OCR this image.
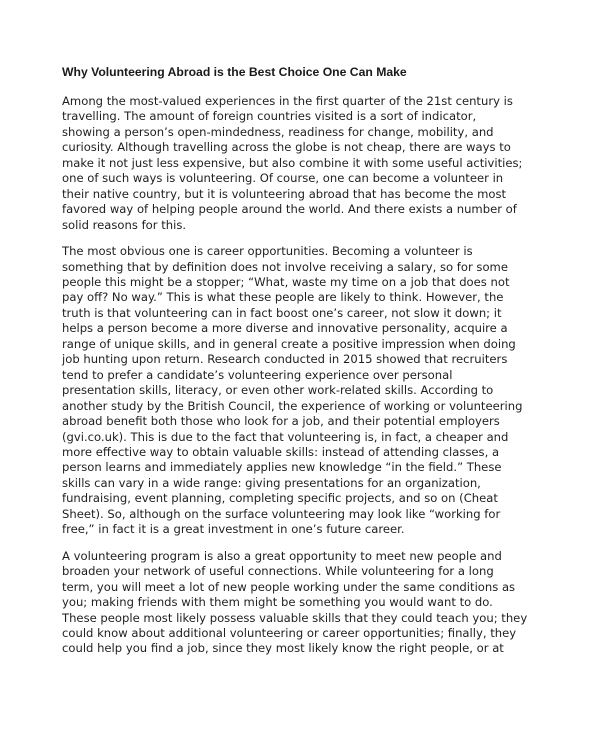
Why Volunteering Abroad is the Best Choice One Can Make

Among the most-valued experiences in the first quarter of the 21st century is
travelling. The amount of foreign countries visited is a sort of indicator,
showing a person’s open-mindedness, readiness for change, mobility, and
curiosity. Although travelling across the globe is not cheap, there are ways to
make it not just less expensive, but also combine it with some useful activities;
one of such ways is volunteering. Of course, one can become a volunteer in
their native country, but it is volunteering abroad that has become the most
favored way of helping people around the world. And there exists a number of
solid reasons for this.

The most obvious one is career opportunities. Becoming a volunteer is
something that by definition does not involve receiving a salary, so for some
people this might be a stopper; “What, waste my time on a job that does not
pay off? No way.” This is what these people are likely to think. However, the
truth is that volunteering can in fact boost one’s career, not slow it down; it
helps a person become a more diverse and innovative personality, acquire a
range of unique skills, and in general create a positive impression when doing
job hunting upon return. Research conducted in 2015 showed that recruiters
tend to prefer a candidate’s volunteering experience over personal
presentation skills, literacy, or even other work-related skills. According to
another study by the British Council, the experience of working or volunteering
abroad benefit both those who look for a job, and their potential employers
(gvi.co.uk). This is due to the fact that volunteering is, in fact, a cheaper and
more effective way to obtain valuable skills: instead of attending classes, a
person learns and immediately applies new knowledge “in the field.” These
skills can vary in a wide range: giving presentations for an organization,
fundraising, event planning, completing specific projects, and so on (Cheat
Sheet). So, although on the surface volunteering may look like “working for
free,” in fact it is a great investment in one’s future career.

A volunteering program is also a great opportunity to meet new people and
broaden your network of useful connections. While volunteering for a long
term, you will meet a lot of new people working under the same conditions as
you; making friends with them might be something you would want to do.
These people most likely possess valuable skills that they could teach you; they
could know about additional volunteering or career opportunities; finally, they
could help you find a job, since they most likely know the right people, or at
